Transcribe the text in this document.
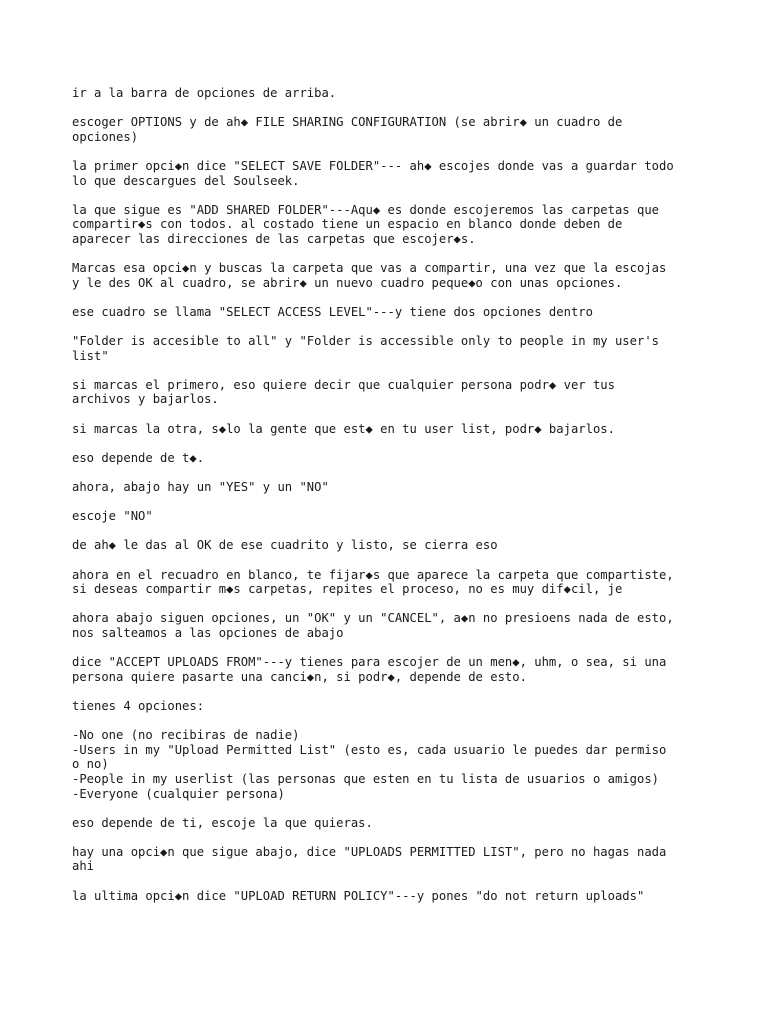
ir a la barra de opciones de arriba.
escoger OPTIONS y de ah◆ FILE SHARING CONFIGURATION (se abrir◆ un cuadro de
opciones)
la primer opci◆n dice "SELECT SAVE FOLDER"--- ah◆ escojes donde vas a guardar todo
lo que descargues del Soulseek.
la que sigue es "ADD SHARED FOLDER"---Aqu◆ es donde escojeremos las carpetas que
compartir◆s con todos. al costado tiene un espacio en blanco donde deben de
aparecer las direcciones de las carpetas que escojer◆s.
Marcas esa opci◆n y buscas la carpeta que vas a compartir, una vez que la escojas
y le des OK al cuadro, se abrir◆ un nuevo cuadro peque◆o con unas opciones.
ese cuadro se llama "SELECT ACCESS LEVEL"---y tiene dos opciones dentro
"Folder is accesible to all" y "Folder is accessible only to people in my user's
list"
si marcas el primero, eso quiere decir que cualquier persona podr◆ ver tus
archivos y bajarlos.
si marcas la otra, s◆lo la gente que est◆ en tu user list, podr◆ bajarlos.
eso depende de t◆.
ahora, abajo hay un "YES" y un "NO"
escoje "NO"
de ah◆ le das al OK de ese cuadrito y listo, se cierra eso
ahora en el recuadro en blanco, te fijar◆s que aparece la carpeta que compartiste,
si deseas compartir m◆s carpetas, repites el proceso, no es muy dif◆cil, je
ahora abajo siguen opciones, un "OK" y un "CANCEL", a◆n no presioens nada de esto,
nos salteamos a las opciones de abajo
dice "ACCEPT UPLOADS FROM"---y tienes para escojer de un men◆, uhm, o sea, si una
persona quiere pasarte una canci◆n, si podr◆, depende de esto.
tienes 4 opciones:
-No one (no recibiras de nadie)
-Users in my "Upload Permitted List" (esto es, cada usuario le puedes dar permiso
o no)
-People in my userlist (las personas que esten en tu lista de usuarios o amigos)
-Everyone (cualquier persona)
eso depende de ti, escoje la que quieras.
hay una opci◆n que sigue abajo, dice "UPLOADS PERMITTED LIST", pero no hagas nada
ahi
la ultima opci◆n dice "UPLOAD RETURN POLICY"---y pones "do not return uploads"
